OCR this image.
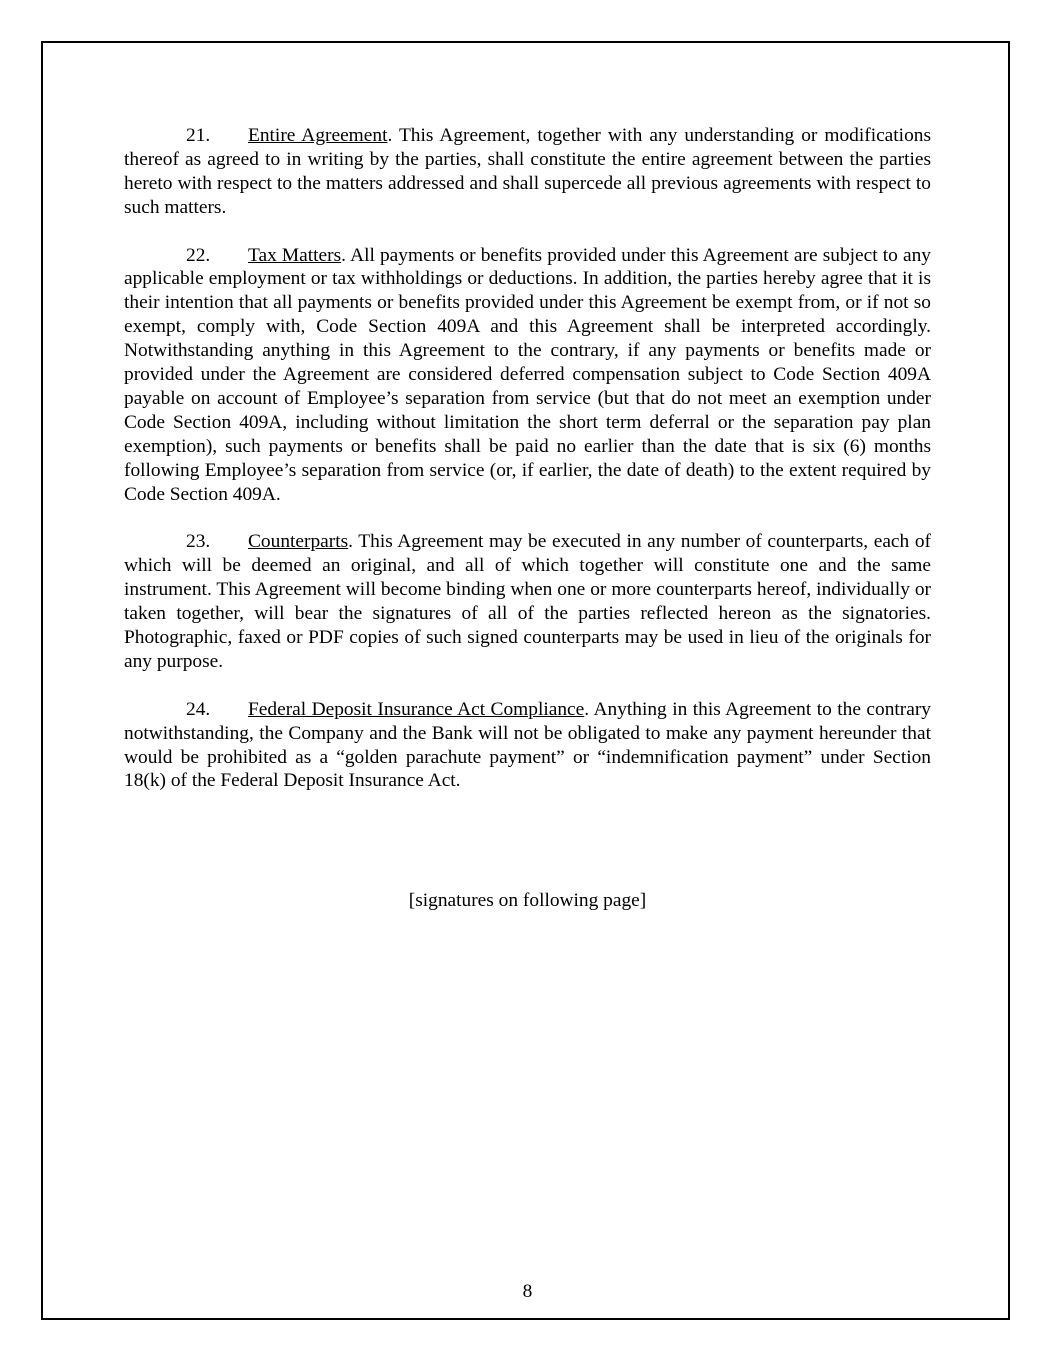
21. Entire Agreement. This Agreement, together with any understanding or modifications thereof as agreed to in writing by the parties, shall constitute the entire agreement between the parties hereto with respect to the matters addressed and shall supercede all previous agreements with respect to such matters.

22. Tax Matters. All payments or benefits provided under this Agreement are subject to any applicable employment or tax withholdings or deductions. In addition, the parties hereby agree that it is their intention that all payments or benefits provided under this Agreement be exempt from, or if not so exempt, comply with, Code Section 409A and this Agreement shall be interpreted accordingly. Notwithstanding anything in this Agreement to the contrary, if any payments or benefits made or provided under the Agreement are considered deferred compensation subject to Code Section 409A payable on account of Employee’s separation from service (but that do not meet an exemption under Code Section 409A, including without limitation the short term deferral or the separation pay plan exemption), such payments or benefits shall be paid no earlier than the date that is six (6) months following Employee’s separation from service (or, if earlier, the date of death) to the extent required by Code Section 409A.

23. Counterparts. This Agreement may be executed in any number of counterparts, each of which will be deemed an original, and all of which together will constitute one and the same instrument. This Agreement will become binding when one or more counterparts hereof, individually or taken together, will bear the signatures of all of the parties reflected hereon as the signatories. Photographic, faxed or PDF copies of such signed counterparts may be used in lieu of the originals for any purpose.

24. Federal Deposit Insurance Act Compliance. Anything in this Agreement to the contrary notwithstanding, the Company and the Bank will not be obligated to make any payment hereunder that would be prohibited as a “golden parachute payment” or “indemnification payment” under Section 18(k) of the Federal Deposit Insurance Act.

[signatures on following page]
8
